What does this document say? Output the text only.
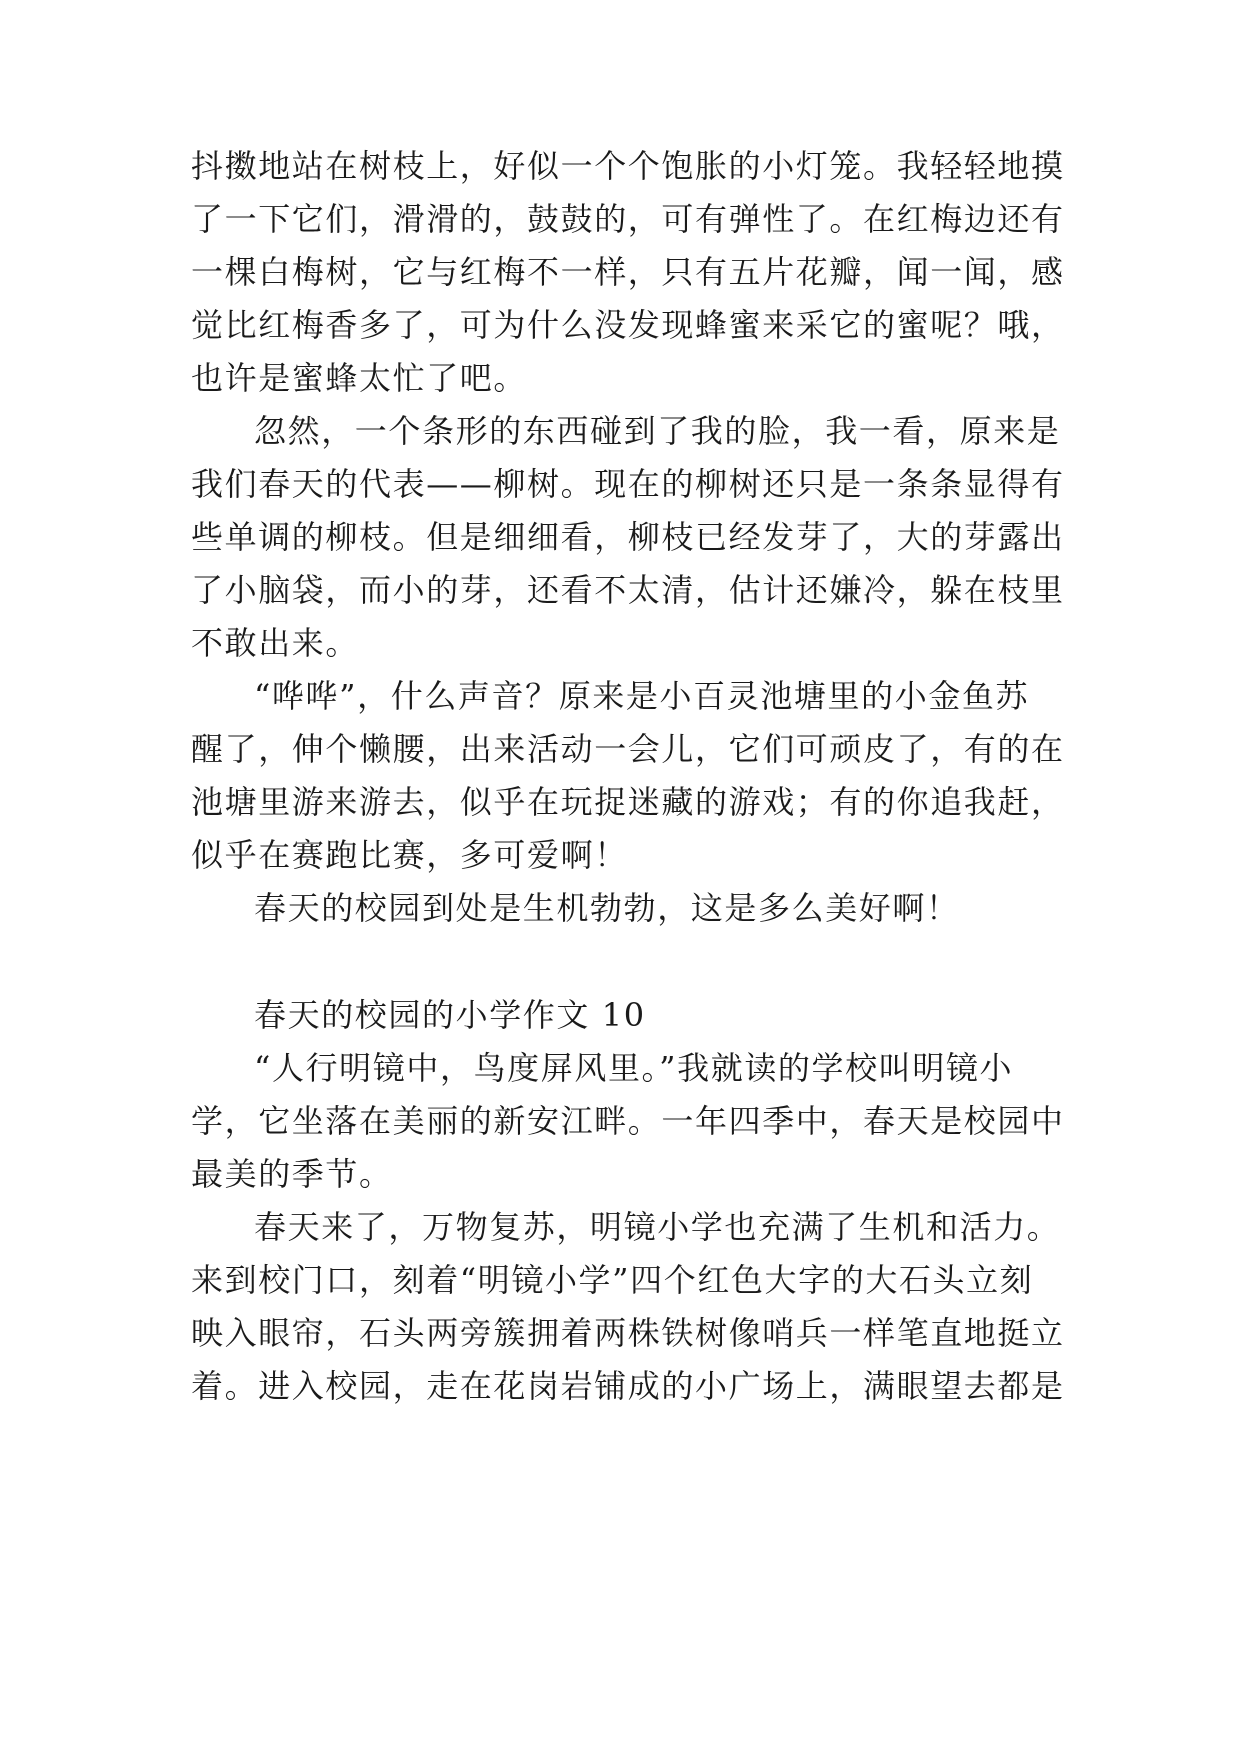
抖擞地站在树枝上，好似一个个饱胀的小灯笼。我轻轻地摸

了一下它们，滑滑的，鼓鼓的，可有弹性了。在红梅边还有

一棵白梅树，它与红梅不一样，只有五片花瓣，闻一闻，感

觉比红梅香多了，可为什么没发现蜂蜜来采它的蜜呢？哦，

也许是蜜蜂太忙了吧。

忽然，一个条形的东西碰到了我的脸，我一看，原来是

我们春天的代表——柳树。现在的柳树还只是一条条显得有

些单调的柳枝。但是细细看，柳枝已经发芽了，大的芽露出

了小脑袋，而小的芽，还看不太清，估计还嫌冷，躲在枝里

不敢出来。

“哗哗”，什么声音？原来是小百灵池塘里的小金鱼苏

醒了，伸个懒腰，出来活动一会儿，它们可顽皮了，有的在

池塘里游来游去，似乎在玩捉迷藏的游戏；有的你追我赶，

似乎在赛跑比赛，多可爱啊！

春天的校园到处是生机勃勃，这是多么美好啊！

春天的校园的小学作文 10

“人行明镜中，鸟度屏风里。”我就读的学校叫明镜小

学，它坐落在美丽的新安江畔。一年四季中，春天是校园中

最美的季节。

春天来了，万物复苏，明镜小学也充满了生机和活力。

来到校门口，刻着“明镜小学”四个红色大字的大石头立刻

映入眼帘，石头两旁簇拥着两株铁树像哨兵一样笔直地挺立

着。进入校园，走在花岗岩铺成的小广场上，满眼望去都是
